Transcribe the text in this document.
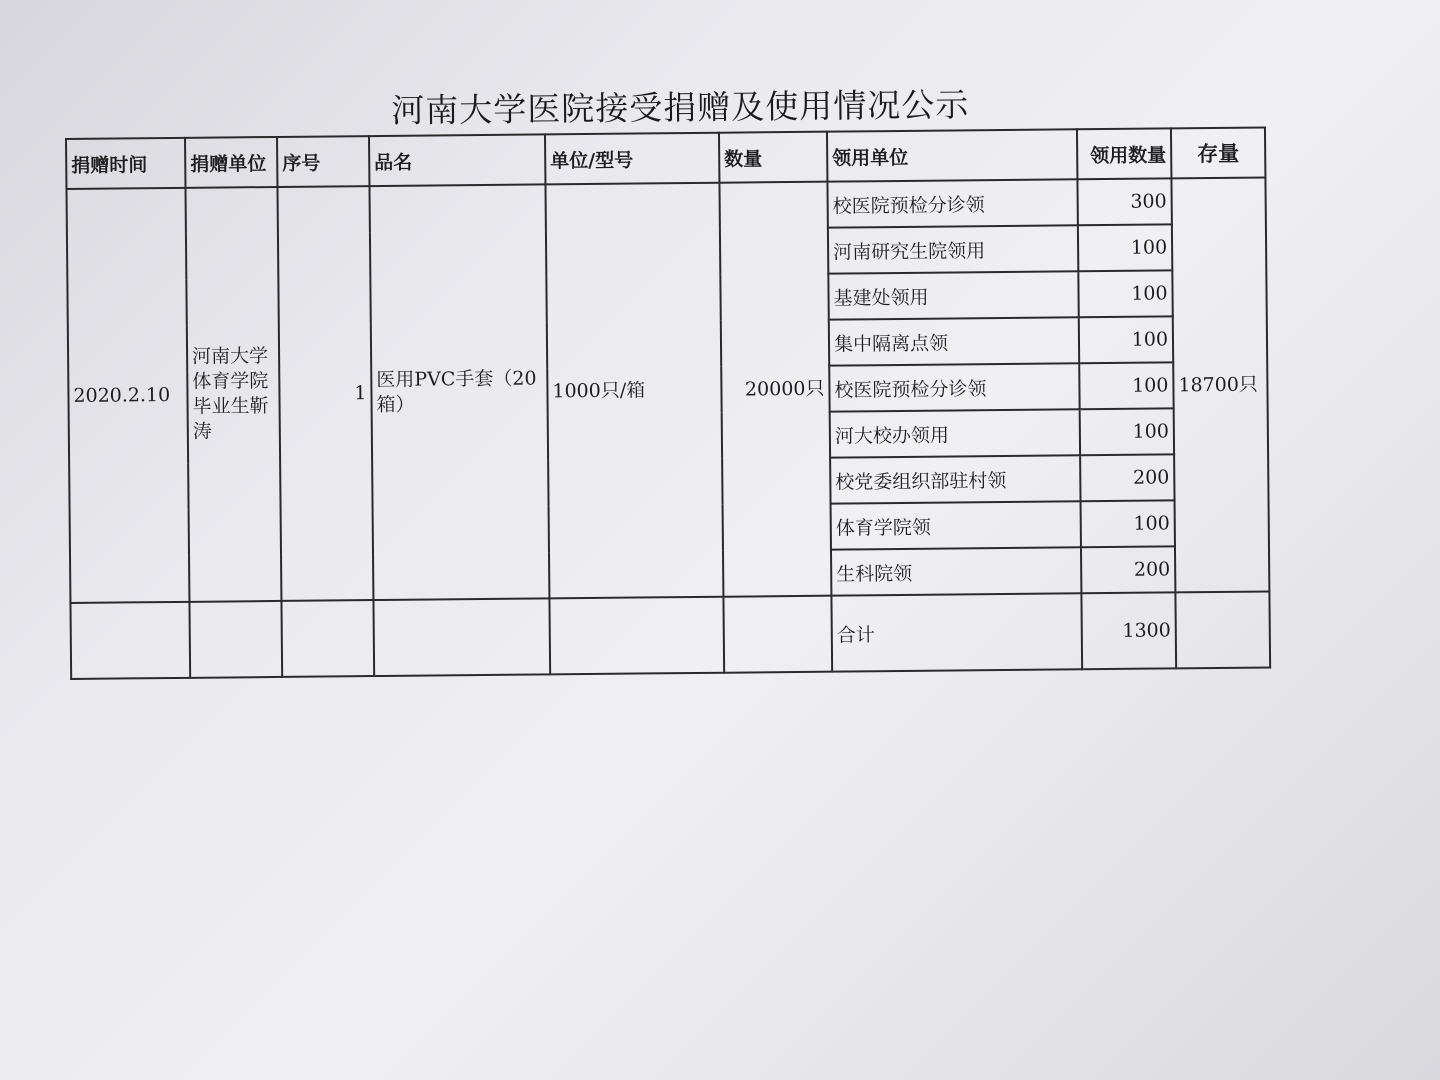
河南大学医院接受捐赠及使用情况公示
捐赠时间	捐赠单位	序号	品名	单位/型号	数量	领用单位	领用数量	存量
2020.2.10	河南大学体育学院毕业生靳涛	1	医用PVC手套（20箱）	1000只/箱	20000只	校医院预检分诊领	300	18700只
						河南研究生院领用	100	
						基建处领用	100	
						集中隔离点领	100	
						校医院预检分诊领	100	
						河大校办领用	100	
						校党委组织部驻村领	200	
						体育学院领	100	
						生科院领	200	
						合计	1300	
